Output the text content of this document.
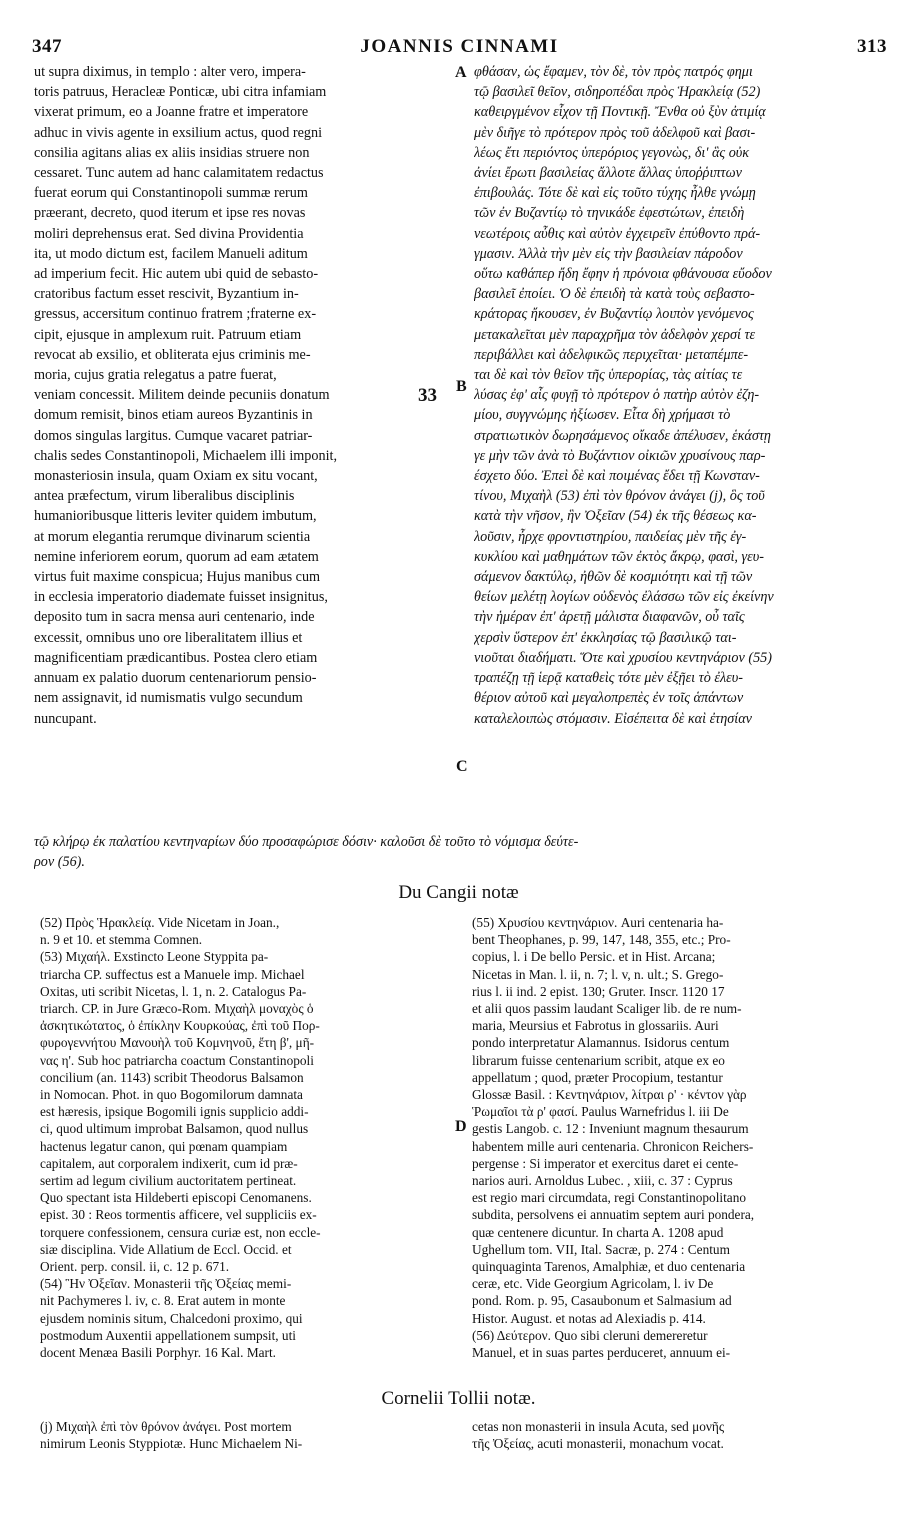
347	JOANNIS CINNAMI	313
ut supra diximus, in templo : alter vero, impera-
toris patruus, Heracleæ Ponticæ, ubi citra infamiam
vixerat primum, eo a Joanne fratre et imperatore
adhuc in vivis agente in exsilium actus, quod regni
consilia agitans alias ex aliis insidias struere non
cessaret. Tunc autem ad hanc calamitatem redactus
fuerat eorum qui Constantinopoli summæ rerum
præerant, decreto, quod iterum et ipse res novas
moliri deprehensus erat. Sed divina Providentia
ita, ut modo dictum est, facilem Manueli aditum
ad imperium fecit. Hic autem ubi quid de sebasto-
cratoribus factum esset rescivit, Byzantium in-
gressus, accersitum continuo fratrem ;fraterne ex-
cipit, ejusque in amplexum ruit. Patruum etiam
revocat ab exsilio, et obliterata ejus criminis me-
moria, cujus gratia relegatus a patre fuerat,
veniam concessit. Militem deinde pecuniis donatum
domum remisit, binos etiam aureos Byzantinis in
domos singulas largitus. Cumque vacaret patriar-
chalis sedes Constantinopoli, Michaelem illi imponit,
monasteriosin insula, quam Oxiam ex situ vocant,
antea præfectum, virum liberalibus disciplinis
humanioribusque litteris leviter quidem imbutum,
at morum elegantia rerumque divinarum scientia
nemine inferiorem eorum, quorum ad eam ætatem
virtus fuit maxime conspicua; Hujus manibus cum
in ecclesia imperatorio diademate fuisset insignitus,
deposito tum in sacra mensa auri centenario, inde
excessit, omnibus uno ore liberalitatem illius et
magnificentiam prædicantibus. Postea clero etiam
annuam ex palatio duorum centenariorum pensio-
nem assignavit, id numismatis vulgo secundum
nuncupant.
φθάσαν, ὡς ἔφαμεν, τὸν δὲ, τὸν πρὸς πατρός φημι
τῷ βασιλεῖ θεῖον, σιδηροπέδαι πρὸς Ἡρακλείᾳ (52)
καθειργμένον εἶχον τῇ Ποντικῇ. Ἔνθα οὐ ξὺν ἀτιμίᾳ
μὲν διῆγε τὸ πρότερον πρὸς τοῦ ἀδελφοῦ καὶ βασι-
λέως ἔτι περιόντος ὑπερόριος γεγονὼς, δι' ἃς οὐκ
ἀνίει ἔρωτι βασιλείας ἄλλοτε ἄλλας ὑποῤῥιπτων
ἐπιβουλάς. Τότε δὲ καὶ εἰς τοῦτο τύχης ἦλθε γνώμῃ
τῶν ἐν Βυζαντίῳ τὸ τηνικάδε ἐφεστώτων, ἐπειδὴ
νεωτέροις αὖθις καὶ αὐτὸν ἐγχειρεῖν ἐπύθοντο πρά-
γμασιν. Ἀλλὰ τὴν μὲν εἰς τὴν βασιλείαν πάροδον
οὕτω καθάπερ ἤδη ἔφην ἡ πρόνοια φθάνουσα εὔοδον
βασιλεῖ ἐποίει. Ὁ δὲ ἐπειδὴ τὰ κατὰ τοὺς σεβαστο-
κράτορας ἤκουσεν, ἐν Βυζαντίῳ λοιπὸν γενόμενος
μετακαλεῖται μὲν παραχρῆμα τὸν ἀδελφὸν χερσί τε
περιβάλλει καὶ ἀδελφικῶς περιχεῖται· μεταπέμπε-
ται δὲ καὶ τὸν θεῖον τῆς ὑπερορίας, τὰς αἰτίας τε
λύσας ἐφ' αἷς φυγῇ τὸ πρότερον ὁ πατὴρ αὐτὸν ἐζη-
μίου, συγγνώμης ἠξίωσεν. Εἶτα δὴ χρήμασι τὸ
στρατιωτικὸν δωρησάμενος οἴκαδε ἀπέλυσεν, ἑκάστῃ
γε μὴν τῶν ἀνὰ τὸ Βυζάντιον οἰκιῶν χρυσίνους παρ-
έσχετο δύο. Ἐπεὶ δὲ καὶ ποιμένας ἔδει τῇ Κωνσταν-
τίνου, Μιχαὴλ (53) ἐπὶ τὸν θρόνον ἀνάγει (j), ὃς τοῦ
κατὰ τὴν νῆσον, ἣν Ὀξεῖαν (54) ἐκ τῆς θέσεως κα-
λοῦσιν, ἦρχε φροντιστηρίου, παιδείας μὲν τῆς ἐγ-
κυκλίου καὶ μαθημάτων τῶν ἐκτὸς ἄκρῳ, φασὶ, γευ-
σάμενον δακτύλῳ, ἠθῶν δὲ κοσμιότητι καὶ τῇ τῶν
θείων μελέτῃ λογίων οὐδενὸς ἐλάσσω τῶν εἰς ἐκείνην
τὴν ἡμέραν ἐπ' ἀρετῇ μάλιστα διαφανῶν, οὗ ταῖς
χερσὶν ὕστερον ἐπ' ἐκκλησίας τῷ βασιλικῷ ται-
νιοῦται διαδήματι. Ὅτε καὶ χρυσίου κεντηνάριον (55)
τραπέζῃ τῇ ἱερᾷ καταθεὶς τότε μὲν ἐξῇει τὸ ἐλευ-
θέριον αὐτοῦ καὶ μεγαλοπρεπὲς ἐν τοῖς ἁπάντων
καταλελοιπὼς στόμασιν. Εἰσέπειτα δὲ καὶ ἐτησίαν
A
33 B
C
τῷ κλήρῳ ἐκ παλατίου κεντηναρίων δύο προσαφώρισε δόσιν· καλοῦσι δὲ τοῦτο τὸ νόμισμα δεύτε-
ρον (56).
Du Cangii notæ
(52) Πρὸς Ἡρακλείᾳ. Vide Nicetam in Joan.,
n. 9 et 10. et stemma Comnen.
(53) Μιχαήλ. Exstincto Leone Styppita pa-
triarcha CP. suffectus est a Manuele imp. Michael
Oxitas, uti scribit Nicetas, l. 1, n. 2. Catalogus Pa-
triarch. CP. in Jure Græco-Rom. Μιχαὴλ μοναχὸς ὁ
ἀσκητικώτατος, ὁ ἐπίκλην Κουρκούας, ἐπὶ τοῦ Πορ-
φυρογεννήτου Μανουὴλ τοῦ Κομνηνοῦ, ἔτη β', μῆ-
νας η'. Sub hoc patriarcha coactum Constantinopoli
concilium (an. 1143) scribit Theodorus Balsamon
in Nomocan. Phot. in quo Bogomilorum damnata
est hæresis, ipsique Bogomili ignis supplicio addi-
ci, quod ultimum improbat Balsamon, quod nullus
hactenus legatur canon, qui pœnam quampiam
capitalem, aut corporalem indixerit, cum id præ-
sertim ad legum civilium auctoritatem pertineat.
Quo spectant ista Hildeberti episcopi Cenomanens.
epist. 30 : Reos tormentis afficere, vel suppliciis ex-
torquere confessionem, censura curiæ est, non eccle-
siæ disciplina. Vide Allatium de Eccl. Occid. et
Orient. perp. consil. ii, c. 12 p. 671.
(54) Ἣν Ὀξεῖαν. Monasterii τῆς Ὀξείας memi-
nit Pachymeres l. iv, c. 8. Erat autem in monte
ejusdem nominis situm, Chalcedoni proximo, qui
postmodum Auxentii appellationem sumpsit, uti
docent Menæa Basili Porphyr. 16 Kal. Mart.
(55) Χρυσίου κεντηνάριον. Auri centenaria ha-
bent Theophanes, p. 99, 147, 148, 355, etc.; Pro-
copius, l. i De bello Persic. et in Hist. Arcana;
Nicetas in Man. l. ii, n. 7; l. v, n. ult.; S. Grego-
rius l. ii ind. 2 epist. 130; Gruter. Inscr. 1120 17
et alii quos passim laudant Scaliger lib. de re num-
maria, Meursius et Fabrotus in glossariis. Auri
pondo interpretatur Alamannus. Isidorus centum
librarum fuisse centenarium scribit, atque ex eo
appellatum ; quod, præter Procopium, testantur
Glossæ Basil. : Κεντηνάριον, λίτραι ρ' · κέντον γὰρ
Ῥωμαῖοι τὰ ρ' φασί. Paulus Warnefridus l. iii De
gestis Langob. c. 12 : Inveniunt magnum thesaurum
habentem mille auri centenaria. Chronicon Reichers-
pergense : Si imperator et exercitus daret ei cente-
narios auri. Arnoldus Lubec. , xiii, c. 37 : Cyprus
est regio mari circumdata, regi Constantinopolitano
subdita, persolvens ei annuatim septem auri pondera,
quæ centenere dicuntur. In charta A. 1208 apud
Ughellum tom. VII, Ital. Sacræ, p. 274 : Centum
quinquaginta Tarenos, Amalphiæ, et duo centenaria
ceræ, etc. Vide Georgium Agricolam, l. iv De
pond. Rom. p. 95, Casaubonum et Salmasium ad
Histor. August. et notas ad Alexiadis p. 414.
(56) Δεύτερον. Quo sibi cleruni demereretur
Manuel, et in suas partes perduceret, annuum ei-
D
Cornelii Tollii notæ.
(j) Μιχαὴλ ἐπὶ τὸν θρόνον ἀνάγει. Post mortem
nimirum Leonis Styppiotæ. Hunc Michaelem Ni-
cetas non monasterii in insula Acuta, sed μονῆς
τῆς Ὀξείας, acuti monasterii, monachum vocat.
